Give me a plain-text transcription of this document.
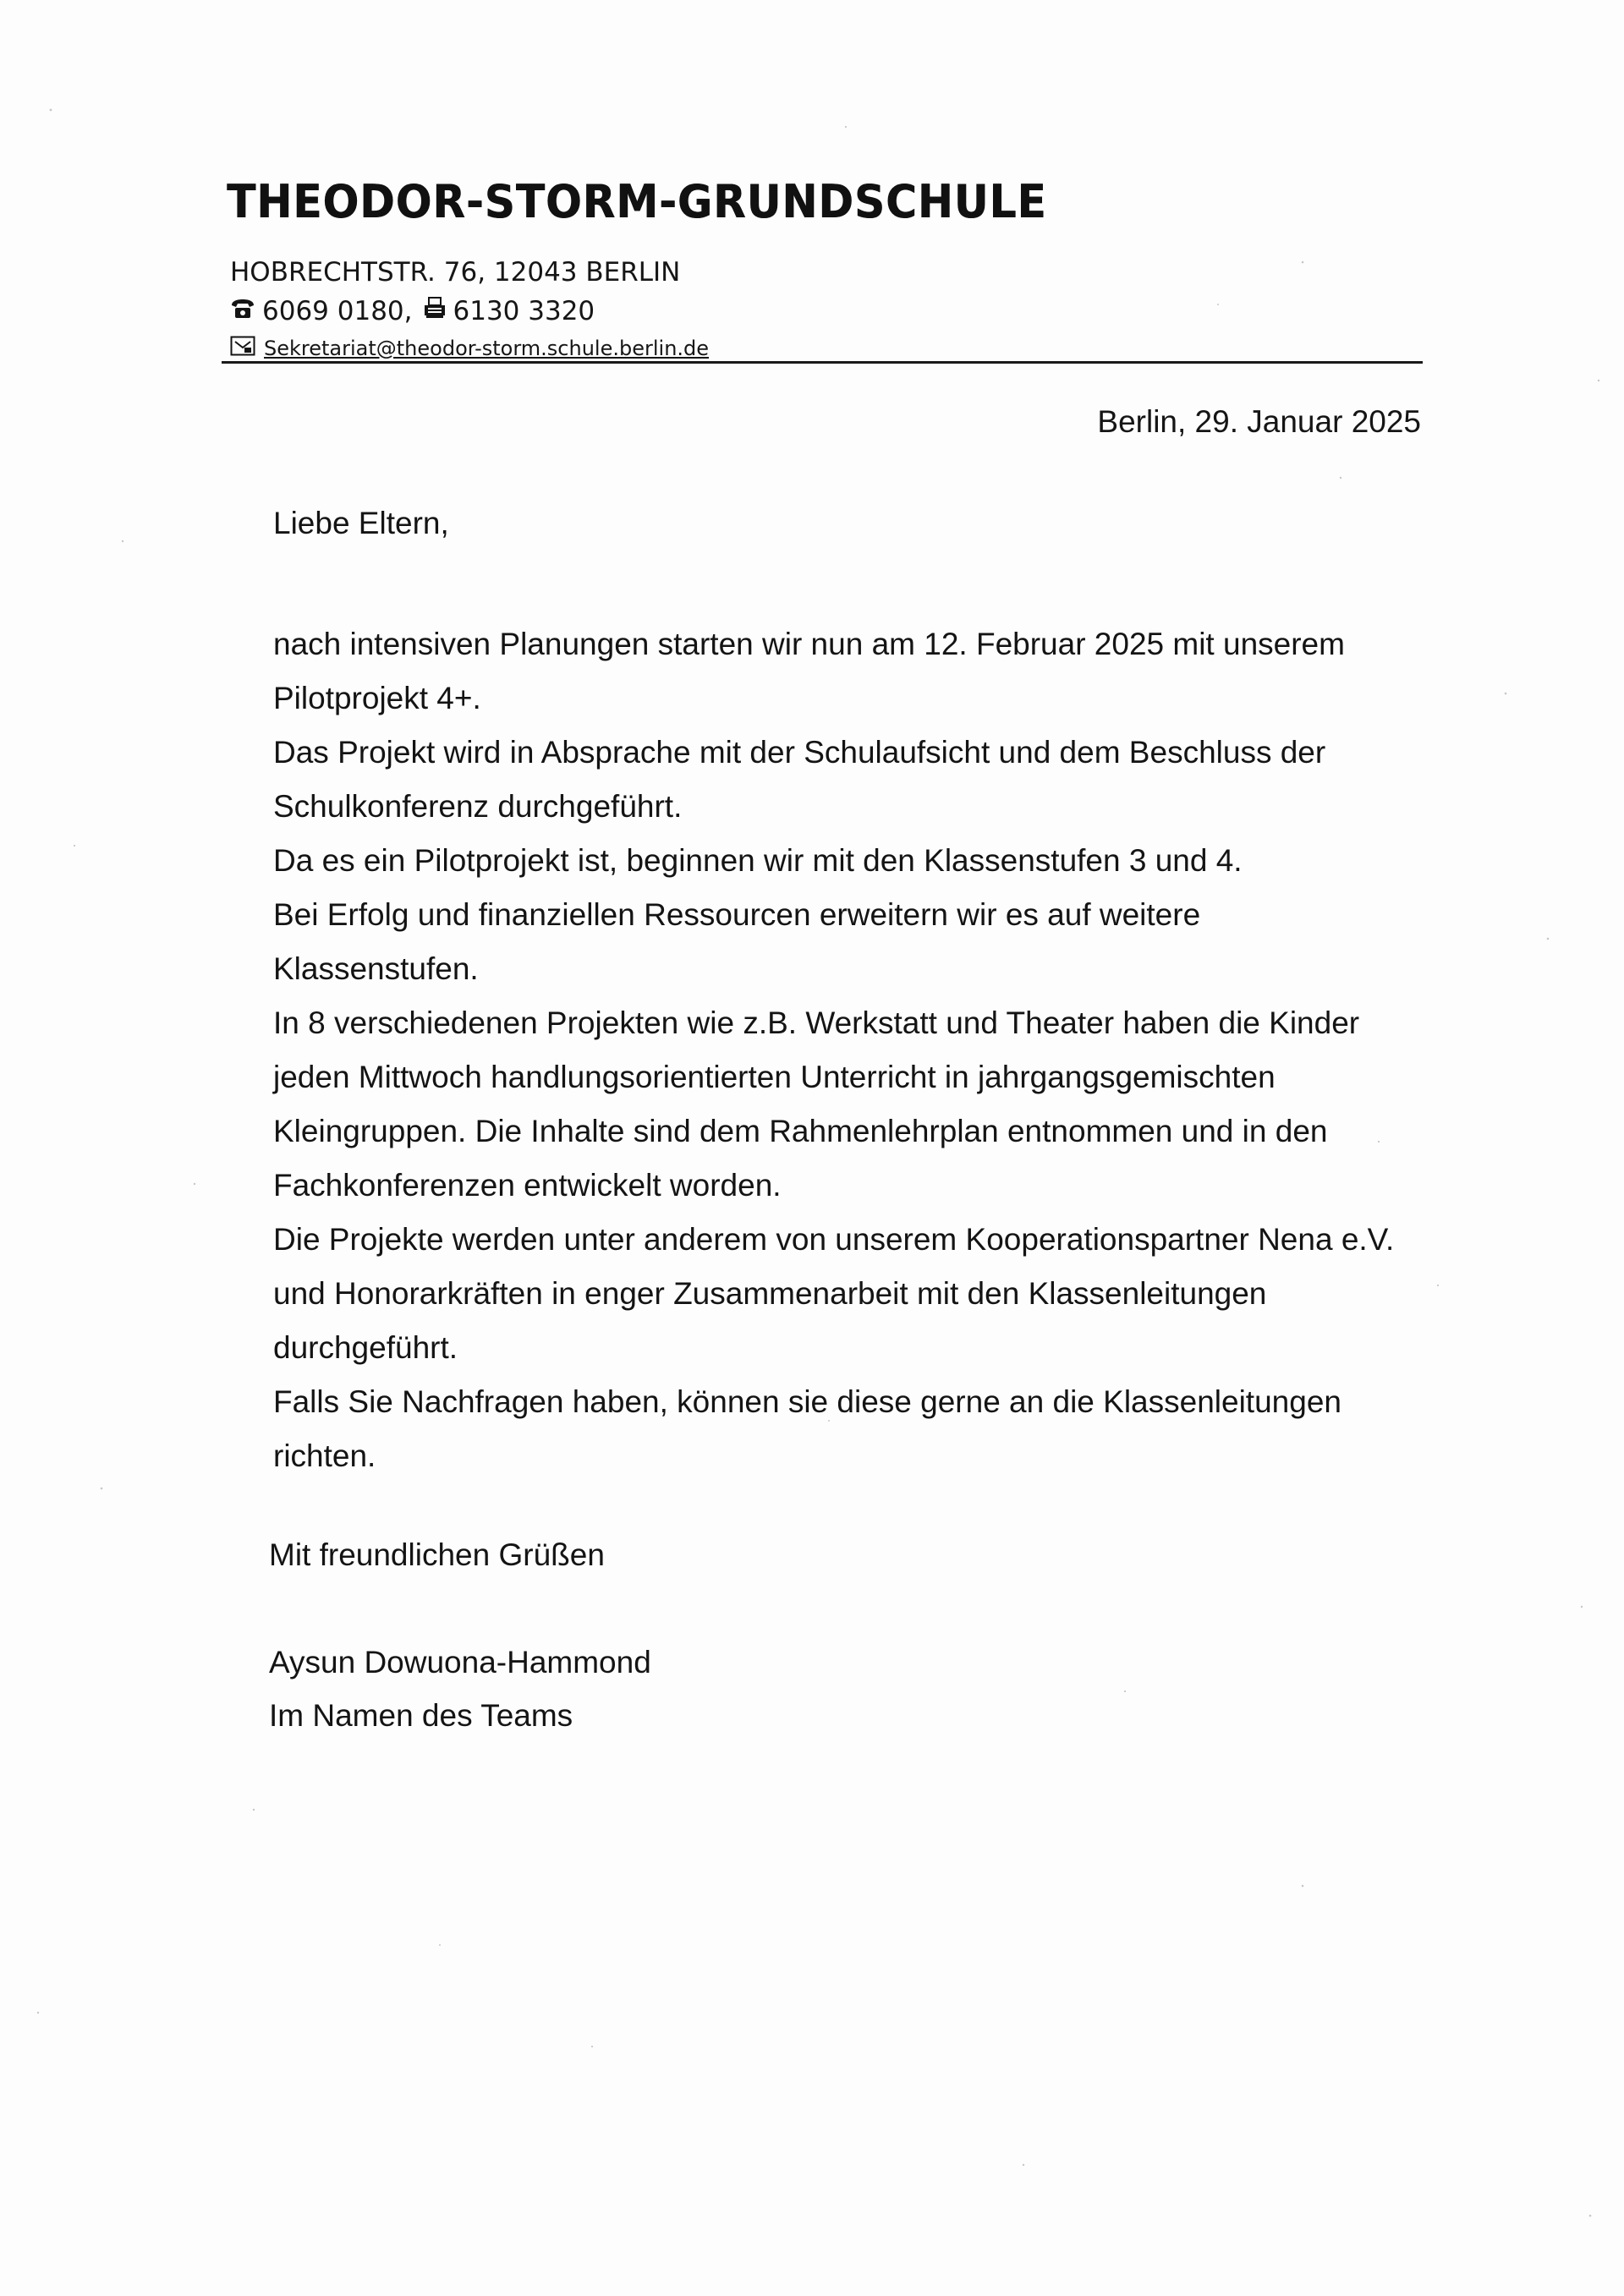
THEODOR-STORM-GRUNDSCHULE
HOBRECHTSTR. 76, 12043 BERLIN
6069 0180, 6130 3320
Sekretariat@theodor-storm.schule.berlin.de
Berlin, 29. Januar 2025
Liebe Eltern,
nach intensiven Planungen starten wir nun am 12. Februar 2025 mit unserem
Pilotprojekt 4+.
Das Projekt wird in Absprache mit der Schulaufsicht und dem Beschluss der
Schulkonferenz durchgeführt.
Da es ein Pilotprojekt ist, beginnen wir mit den Klassenstufen 3 und 4.
Bei Erfolg und finanziellen Ressourcen erweitern wir es auf weitere
Klassenstufen.
In 8 verschiedenen Projekten wie z.B. Werkstatt und Theater haben die Kinder
jeden Mittwoch handlungsorientierten Unterricht in jahrgangsgemischten
Kleingruppen. Die Inhalte sind dem Rahmenlehrplan entnommen und in den
Fachkonferenzen entwickelt worden.
Die Projekte werden unter anderem von unserem Kooperationspartner Nena e.V.
und Honorarkräften in enger Zusammenarbeit mit den Klassenleitungen
durchgeführt.
Falls Sie Nachfragen haben, können sie diese gerne an die Klassenleitungen
richten.
Mit freundlichen Grüßen
Aysun Dowuona-Hammond
Im Namen des Teams
